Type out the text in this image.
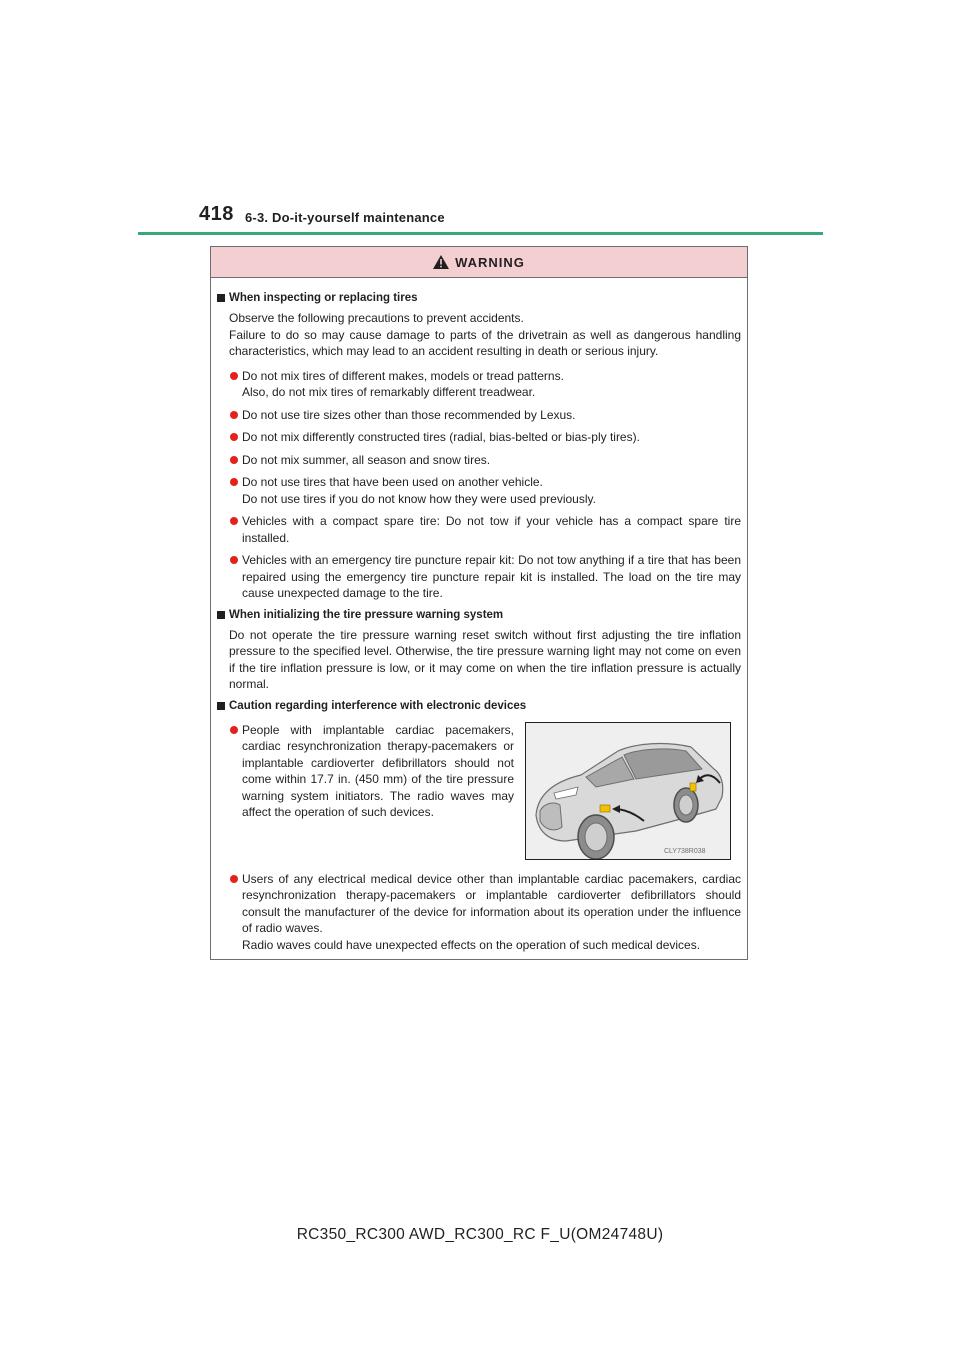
418 6-3. Do-it-yourself maintenance
WARNING
When inspecting or replacing tires
Observe the following precautions to prevent accidents.
Failure to do so may cause damage to parts of the drivetrain as well as dangerous handling characteristics, which may lead to an accident resulting in death or serious injury.
Do not mix tires of different makes, models or tread patterns.
Also, do not mix tires of remarkably different treadwear.
Do not use tire sizes other than those recommended by Lexus.
Do not mix differently constructed tires (radial, bias-belted or bias-ply tires).
Do not mix summer, all season and snow tires.
Do not use tires that have been used on another vehicle.
Do not use tires if you do not know how they were used previously.
Vehicles with a compact spare tire: Do not tow if your vehicle has a compact spare tire installed.
Vehicles with an emergency tire puncture repair kit: Do not tow anything if a tire that has been repaired using the emergency tire puncture repair kit is installed. The load on the tire may cause unexpected damage to the tire.
When initializing the tire pressure warning system
Do not operate the tire pressure warning reset switch without first adjusting the tire inflation pressure to the specified level. Otherwise, the tire pressure warning light may not come on even if the tire inflation pressure is low, or it may come on when the tire inflation pressure is actually normal.
Caution regarding interference with electronic devices
People with implantable cardiac pacemakers, cardiac resynchronization therapy-pacemakers or implantable cardioverter defibrillators should not come within 17.7 in. (450 mm) of the tire pressure warning system initiators. The radio waves may affect the operation of such devices.
CLY738R038
Users of any electrical medical device other than implantable cardiac pacemakers, cardiac resynchronization therapy-pacemakers or implantable cardioverter defibrillators should consult the manufacturer of the device for information about its operation under the influence of radio waves.
Radio waves could have unexpected effects on the operation of such medical devices.
RC350_RC300 AWD_RC300_RC F_U(OM24748U)
